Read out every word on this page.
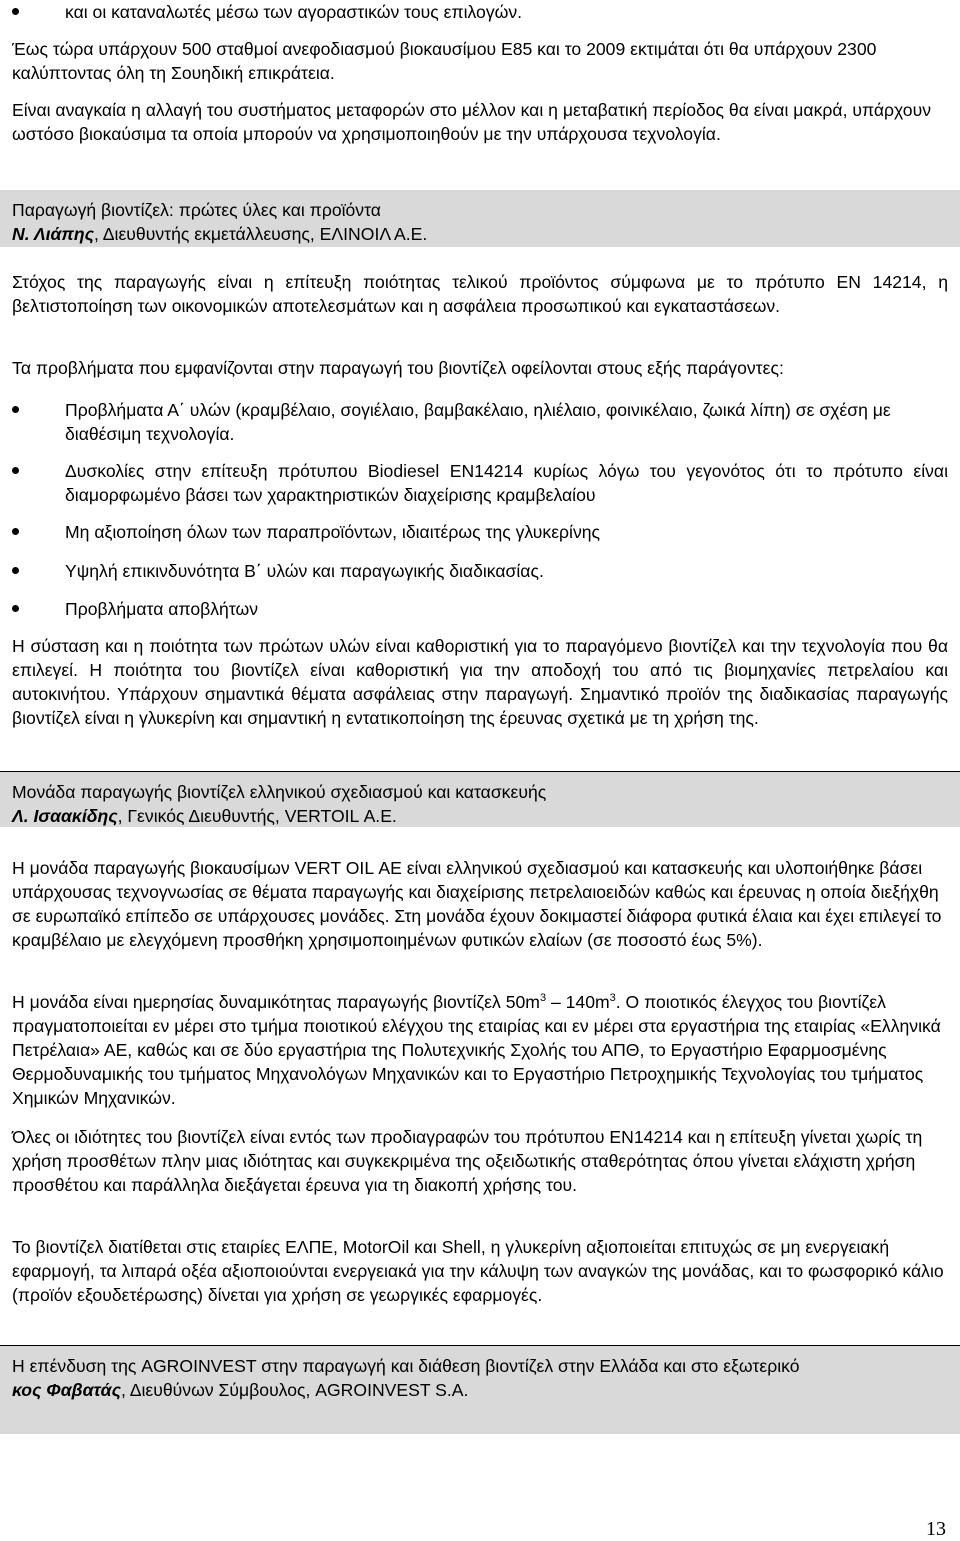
και οι καταναλωτές μέσω των αγοραστικών τους επιλογών.

Έως τώρα υπάρχουν 500 σταθμοί ανεφοδιασμού βιοκαυσίμου Ε85 και το 2009 εκτιμάται ότι θα υπάρχουν 2300 καλύπτοντας όλη τη Σουηδική επικράτεια.

Είναι αναγκαία η αλλαγή του συστήματος μεταφορών στο μέλλον και η μεταβατική περίοδος θα είναι μακρά, υπάρχουν ωστόσο βιοκαύσιμα τα οποία μπορούν να χρησιμοποιηθούν με την υπάρχουσα τεχνολογία.

Παραγωγή βιοντίζελ: πρώτες ύλες και προϊόντα

Ν. Λιάπης, Διευθυντής εκμετάλλευσης, ΕΛΙΝΟΙΛ Α.Ε.

Στόχος της παραγωγής είναι η επίτευξη ποιότητας τελικού προϊόντος σύμφωνα με το πρότυπο ΕΝ 14214, η βελτιστοποίηση των οικονομικών αποτελεσμάτων και η ασφάλεια προσωπικού και εγκαταστάσεων.

Τα προβλήματα που εμφανίζονται στην παραγωγή του βιοντίζελ οφείλονται στους εξής παράγοντες:

Προβλήματα Α΄ υλών (κραμβέλαιο, σογιέλαιο, βαμβακέλαιο, ηλιέλαιο, φοινικέλαιο, ζωικά λίπη) σε σχέση με διαθέσιμη τεχνολογία.

Δυσκολίες στην επίτευξη πρότυπου Biodiesel EN14214 κυρίως λόγω του γεγονότος ότι το πρότυπο είναι διαμορφωμένο βάσει των χαρακτηριστικών διαχείρισης κραμβελαίου

Μη αξιοποίηση όλων των παραπροϊόντων, ιδιαιτέρως της γλυκερίνης

Υψηλή επικινδυνότητα Β΄ υλών και παραγωγικής διαδικασίας.

Προβλήματα αποβλήτων

Η σύσταση και η ποιότητα των πρώτων υλών είναι καθοριστική για το παραγόμενο βιοντίζελ και την τεχνολογία που θα επιλεγεί. Η ποιότητα του βιοντίζελ είναι καθοριστική για την αποδοχή του από τις βιομηχανίες πετρελαίου και αυτοκινήτου. Υπάρχουν σημαντικά θέματα ασφάλειας στην παραγωγή. Σημαντικό προϊόν της διαδικασίας παραγωγής βιοντίζελ είναι η γλυκερίνη και σημαντική η εντατικοποίηση της έρευνας σχετικά με τη χρήση της.

Μονάδα παραγωγής βιοντίζελ ελληνικού σχεδιασμού και κατασκευής

Λ. Ισαακίδης, Γενικός Διευθυντής, VERTOIL Α.Ε.

Η μονάδα παραγωγής βιοκαυσίμων VERT OIL ΑΕ είναι ελληνικού σχεδιασμού και κατασκευής και υλοποιήθηκε βάσει υπάρχουσας τεχνογνωσίας σε θέματα παραγωγής και διαχείρισης πετρελαιοειδών καθώς και έρευνας η οποία διεξήχθη σε ευρωπαϊκό επίπεδο σε υπάρχουσες μονάδες. Στη μονάδα έχουν δοκιμαστεί διάφορα φυτικά έλαια και έχει επιλεγεί το κραμβέλαιο με ελεγχόμενη προσθήκη χρησιμοποιημένων φυτικών ελαίων (σε ποσοστό έως 5%).

Η μονάδα είναι ημερησίας δυναμικότητας παραγωγής βιοντίζελ $50m^3 - 140m^3$. Ο ποιοτικός έλεγχος του βιοντίζελ πραγματοποιείται εν μέρει στο τμήμα ποιοτικού ελέγχου της εταιρίας και εν μέρει στα εργαστήρια της εταιρίας «Ελληνικά Πετρέλαια» ΑΕ, καθώς και σε δύο εργαστήρια της Πολυτεχνικής Σχολής του ΑΠΘ, το Εργαστήριο Εφαρμοσμένης Θερμοδυναμικής του τμήματος Μηχανολόγων Μηχανικών και το Εργαστήριο Πετροχημικής Τεχνολογίας του τμήματος Χημικών Μηχανικών.

Όλες οι ιδιότητες του βιοντίζελ είναι εντός των προδιαγραφών του πρότυπου ΕΝ14214 και η επίτευξη γίνεται χωρίς τη χρήση προσθέτων πλην μιας ιδιότητας και συγκεκριμένα της οξειδωτικής σταθερότητας όπου γίνεται ελάχιστη χρήση προσθέτου και παράλληλα διεξάγεται έρευνα για τη διακοπή χρήσης του.

Το βιοντίζελ διατίθεται στις εταιρίες ΕΛΠΕ, MotorOil και Shell, η γλυκερίνη αξιοποιείται επιτυχώς σε μη ενεργειακή εφαρμογή, τα λιπαρά οξέα αξιοποιούνται ενεργειακά για την κάλυψη των αναγκών της μονάδας, και το φωσφορικό κάλιο (προϊόν εξουδετέρωσης) δίνεται για χρήση σε γεωργικές εφαρμογές.

Η επένδυση της AGROINVEST στην παραγωγή και διάθεση βιοντίζελ στην Ελλάδα και στο εξωτερικό

κος Φαβατάς, Διευθύνων Σύμβουλος, AGROINVEST S.A.

13
